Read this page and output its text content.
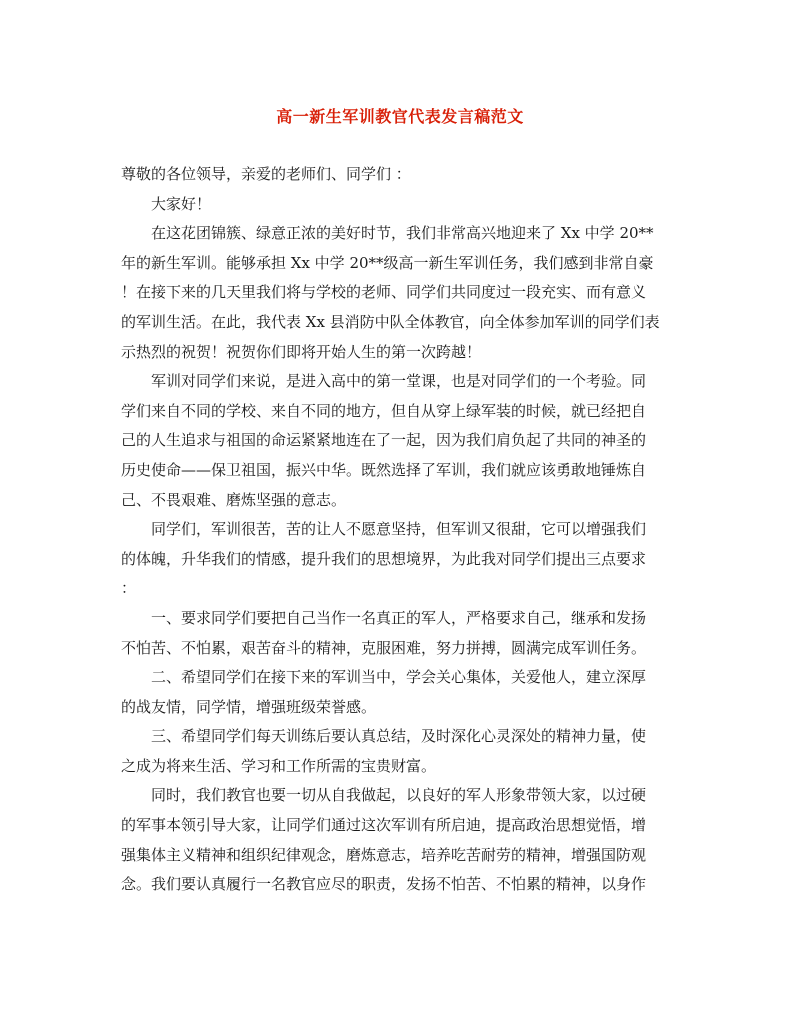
高一新生军训教官代表发言稿范文
尊敬的各位领导，亲爱的老师们、同学们 ：
大家好！
在这花团锦簇、绿意正浓的美好时节，我们非常高兴地迎来了 Xx 中学 20**
年的新生军训。能够承担 Xx 中学 20**级高一新生军训任务，我们感到非常自豪
！在接下来的几天里我们将与学校的老师、同学们共同度过一段充实、而有意义
的军训生活。在此，我代表 Xx 县消防中队全体教官，向全体参加军训的同学们表
示热烈的祝贺！祝贺你们即将开始人生的第一次跨越！
军训对同学们来说，是进入高中的第一堂课，也是对同学们的一个考验。同
学们来自不同的学校、来自不同的地方，但自从穿上绿军装的时候，就已经把自
己的人生追求与祖国的命运紧紧地连在了一起，因为我们肩负起了共同的神圣的
历史使命——保卫祖国，振兴中华。既然选择了军训，我们就应该勇敢地锤炼自
己、不畏艰难、磨炼坚强的意志。
同学们，军训很苦，苦的让人不愿意坚持，但军训又很甜，它可以增强我们
的体魄，升华我们的情感，提升我们的思想境界，为此我对同学们提出三点要求
：
一、要求同学们要把自己当作一名真正的军人，严格要求自己，继承和发扬
不怕苦、不怕累，艰苦奋斗的精神，克服困难，努力拼搏，圆满完成军训任务。
二、希望同学们在接下来的军训当中，学会关心集体，关爱他人，建立深厚
的战友情，同学情，增强班级荣誉感。
三、希望同学们每天训练后要认真总结，及时深化心灵深处的精神力量，使
之成为将来生活、学习和工作所需的宝贵财富。
同时，我们教官也要一切从自我做起，以良好的军人形象带领大家，以过硬
的军事本领引导大家，让同学们通过这次军训有所启迪，提高政治思想觉悟，增
强集体主义精神和组织纪律观念，磨炼意志，培养吃苦耐劳的精神，增强国防观
念。我们要认真履行一名教官应尽的职责，发扬不怕苦、不怕累的精神，以身作
